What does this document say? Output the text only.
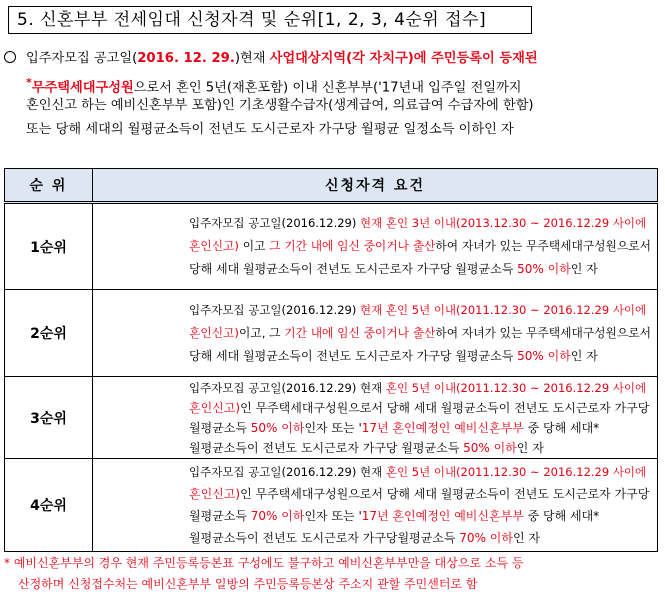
5. 신혼부부 전세임대 신청자격 및 순위[1, 2, 3, 4순위 접수]
입주자모집 공고일(2016. 12. 29.)현재 사업대상지역(각 자치구)에 주민등록이 등재된
*무주택세대구성원으로서 혼인 5년(재혼포함) 이내 신혼부부('17년내 입주일 전일까지
혼인신고 하는 예비신혼부부 포함)인 기초생활수급자(생계급여, 의료급여 수급자에 한함)
또는 당해 세대의 월평균소득이 전년도 도시근로자 가구당 월평균 일정소득 이하인 자
순 위	신청자격 요건
1순위	입주자모집 공고일(2016.12.29) 현재 혼인 3년 이내(2013.12.30 ~ 2016.12.29 사이에
혼인신고) 이고 그 기간 내에 임신 중이거나 출산하여 자녀가 있는 무주택세대구성원으로서
당해 세대 월평균소득이 전년도 도시근로자 가구당 월평균소득 50% 이하인 자

2순위	입주자모집 공고일(2016.12.29) 현재 혼인 5년 이내(2011.12.30 ~ 2016.12.29 사이에
혼인신고)이고, 그 기간 내에 임신 중이거나 출산하여 자녀가 있는 무주택세대구성원으로서
당해 세대 월평균소득이 전년도 도시근로자 가구당 월평균소득 50% 이하인 자

3순위	입주자모집 공고일(2016.12.29) 현재 혼인 5년 이내(2011.12.30 ~ 2016.12.29 사이에
혼인신고)인 무주택세대구성원으로서 당해 세대 월평균소득이 전년도 도시근로자 가구당
월평균소득 50% 이하인자 또는 '17년 혼인예정인 예비신혼부부 중 당해 세대*
월평균소득이 전년도 도시근로자 가구당 월평균소득 50% 이하인 자

4순위	입주자모집 공고일(2016.12.29) 현재 혼인 5년 이내(2011.12.30 ~ 2016.12.29 사이에
혼인신고)인 무주택세대구성원으로서 당해 세대 월평균소득이 전년도 도시근로자 가구당
월평균소득 70% 이하인자 또는 '17년 혼인예정인 예비신혼부부 중 당해 세대*
월평균소득이 전년도 도시근로자 가구당월평균소득 70% 이하인 자
* 예비신혼부부의 경우 현재 주민등록등본표 구성에도 불구하고 예비신혼부부만을 대상으로 소득 등
산정하며 신청접수처는 예비신혼부부 일방의 주민등록등본상 주소지 관할 주민센터로 함
